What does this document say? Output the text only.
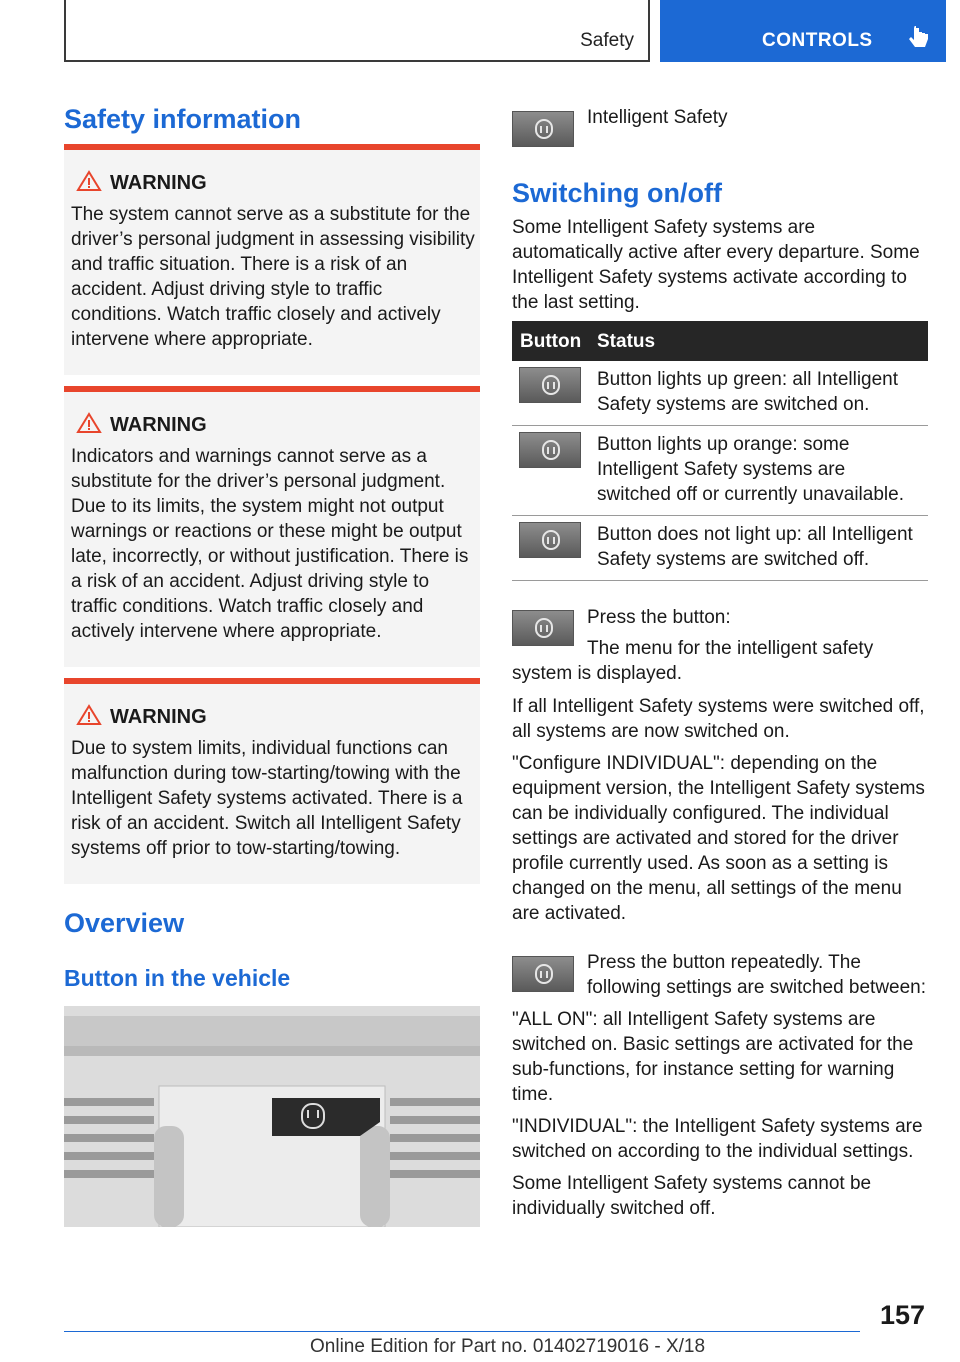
Safety	CONTROLS
Safety information
WARNING
The system cannot serve as a substitute for the driver’s personal judgment in assessing visibility and traffic situation. There is a risk of an accident. Adjust driving style to traffic conditions. Watch traffic closely and actively intervene where appropriate.
WARNING
Indicators and warnings cannot serve as a substitute for the driver’s personal judgment. Due to its limits, the system might not output warnings or reactions or these might be output late, incorrectly, or without justification. There is a risk of an accident. Adjust driving style to traffic conditions. Watch traffic closely and actively intervene where appropriate.
WARNING
Due to system limits, individual functions can malfunction during tow-starting/towing with the Intelligent Safety systems activated. There is a risk of an accident. Switch all Intelligent Safety systems off prior to tow-starting/towing.
Overview
Button in the vehicle
Intelligent Safety
Switching on/off
Some Intelligent Safety systems are automatically active after every departure. Some Intelligent Safety systems activate according to the last setting.
Button	Status

	Button lights up green: all Intelligent Safety systems are switched on.

	Button lights up orange: some Intelligent Safety systems are switched off or currently unavailable.

	Button does not light up: all Intelligent Safety systems are switched off.
Press the button:
The menu for the intelligent safety system is displayed.
If all Intelligent Safety systems were switched off, all systems are now switched on.
"Configure INDIVIDUAL": depending on the equipment version, the Intelligent Safety systems can be individually configured. The individual settings are activated and stored for the driver profile currently used. As soon as a setting is changed on the menu, all settings of the menu are activated.
Press the button repeatedly. The following settings are switched between:
"ALL ON": all Intelligent Safety systems are switched on. Basic settings are activated for the sub-functions, for instance setting for warning time.
"INDIVIDUAL": the Intelligent Safety systems are switched on according to the individual settings.
Some Intelligent Safety systems cannot be individually switched off.
157
Online Edition for Part no. 01402719016 - X/18
